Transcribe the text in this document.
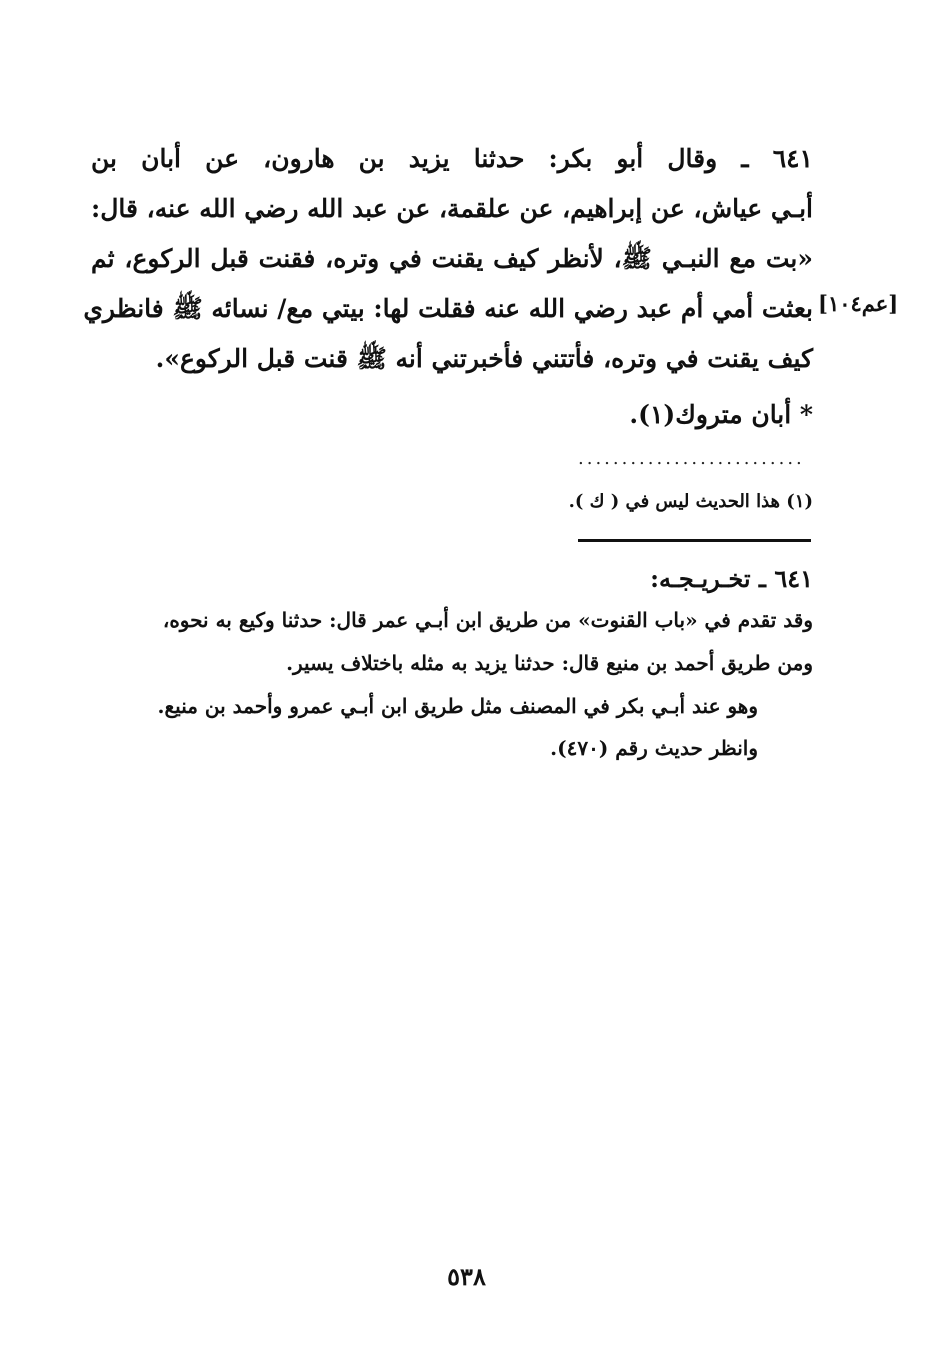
٦٤١ ـ وقال أبو بكر: حدثنا يزيد بن هارون، عن أبان بن
أبـي عياش، عن إبراهيم، عن علقمة، عن عبد الله رضي الله عنه، قال:
«بت مع النبـي ﷺ، لأنظر كيف يقنت في وتره، فقنت قبل الركوع، ثم
بعثت أمي أم عبد رضي الله عنه فقلت لها: بيتي مع/ نسائه ﷺ فانظري
كيف يقنت في وتره، فأتتني فأخبرتني أنه ﷺ قنت قبل الركوع».
* أبان متروك(١).
[عم١٠٤]
..........................
(١) هذا الحديث ليس في ( ك ).
٦٤١ ـ تخـريـجـه:
وقد تقدم في «باب القنوت» من طريق ابن أبـي عمر قال: حدثنا وكيع به نحوه،
ومن طريق أحمد بن منيع قال: حدثنا يزيد به مثله باختلاف يسير.
وهو عند أبـي بكر في المصنف مثل طريق ابن أبـي عمرو وأحمد بن منيع.
وانظر حديث رقم (٤٧٠).
٥٣٨
